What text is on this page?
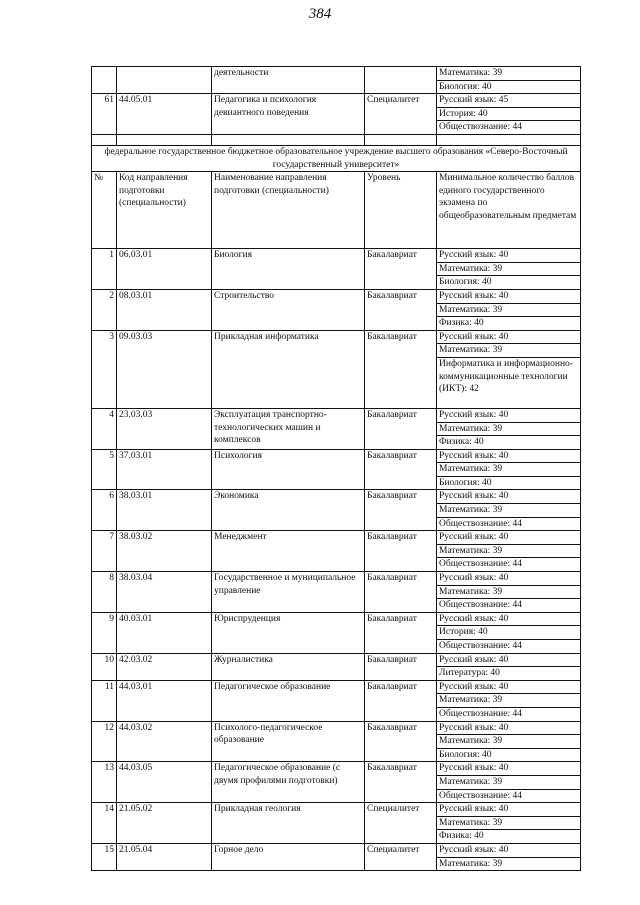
384
		деятельности		Математика: 39
				Биология: 40
61	44.05.01	Педагогика и психология девиантного поведения	Специалитет	Русский язык: 45
				История: 40
				Обществознание: 44

федеральное государственное бюджетное образовательное учреждение высшего образования «Северо-Восточный государственный университет»				
№	Код направления подготовки (специальности)	Наименование направления подготовки (специальности)	Уровень	Минимальное количество баллов единого государственного экзамена по общеобразовательным предметам
1	06.03.01	Биология	Бакалавриат	Русский язык: 40
				Математика: 39
				Биология: 40
2	08.03.01	Строительство	Бакалавриат	Русский язык: 40
				Математика: 39
				Физика: 40
3	09.03.03	Прикладная информатика	Бакалавриат	Русский язык: 40
				Математика: 39
				Информатика и информационно-коммуникационные технологии (ИКТ): 42
4	23.03.03	Эксплуатация транспортно-технологических машин и комплексов	Бакалавриат	Русский язык: 40
				Математика: 39
				Физика: 40
5	37.03.01	Психология	Бакалавриат	Русский язык: 40
				Математика: 39
				Биология: 40
6	38.03.01	Экономика	Бакалавриат	Русский язык: 40
				Математика: 39
				Обществознание: 44
7	38.03.02	Менеджмент	Бакалавриат	Русский язык: 40
				Математика: 39
				Обществознание: 44
8	38.03.04	Государственное и муниципальное управление	Бакалавриат	Русский язык: 40
				Математика: 39
				Обществознание: 44
9	40.03.01	Юриспруденция	Бакалавриат	Русский язык: 40
				История: 40
				Обществознание: 44
10	42.03.02	Журналистика	Бакалавриат	Русский язык: 40
				Литература: 40
11	44.03.01	Педагогическое образование	Бакалавриат	Русский язык: 40
				Математика: 39
				Обществознание: 44
12	44.03.02	Психолого-педагогическое образование	Бакалавриат	Русский язык: 40
				Математика: 39
				Биология: 40
13	44.03.05	Педагогическое образование (с двумя профилями подготовки)	Бакалавриат	Русский язык: 40
				Математика: 39
				Обществознание: 44
14	21.05.02	Прикладная геология	Специалитет	Русский язык: 40
				Математика: 39
				Физика: 40
15	21.05.04	Горное дело	Специалитет	Русский язык: 40
				Математика: 39
